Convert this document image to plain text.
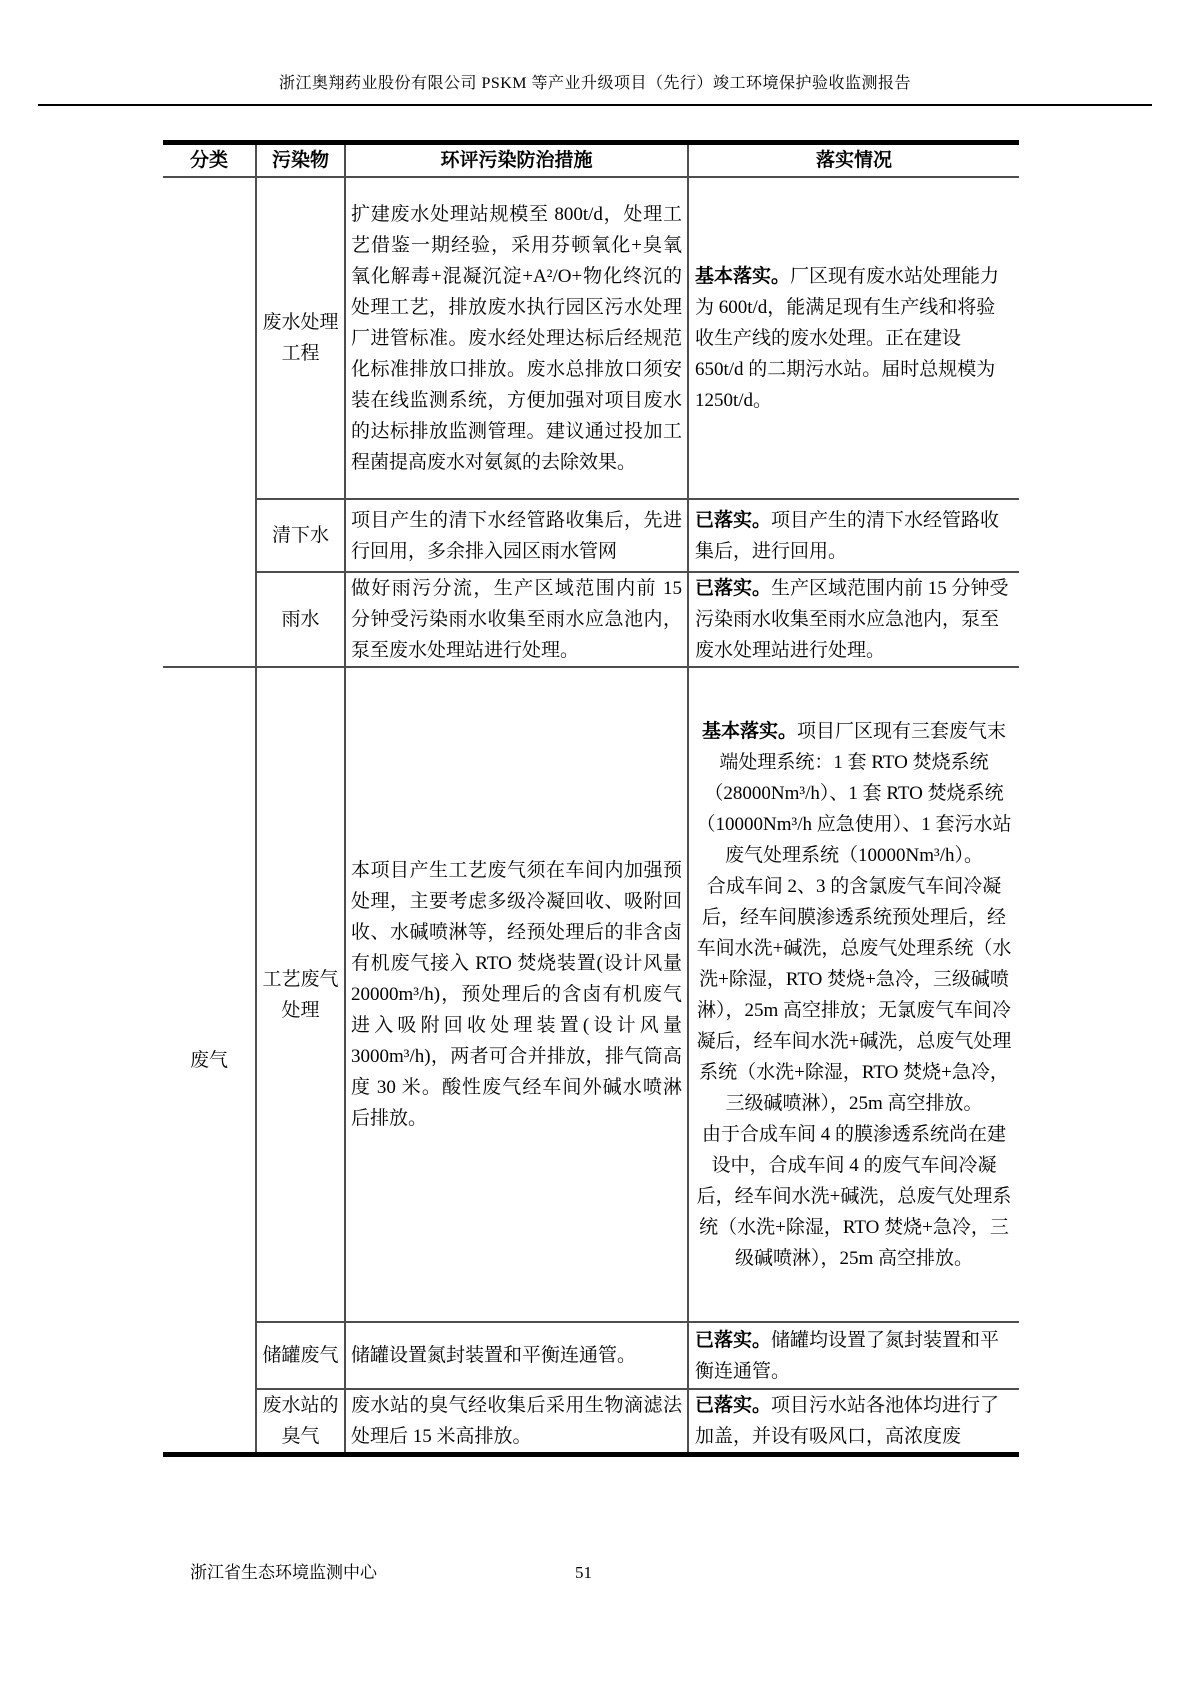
浙江奥翔药业股份有限公司 PSKM 等产业升级项目（先行）竣工环境保护验收监测报告
分类	污染物	环评污染防治措施	落实情况
	废水处理工程	扩建废水处理站规模至 800t/d，处理工艺借鉴一期经验，采用芬顿氧化+臭氧氧化解毒+混凝沉淀+A²/O+物化终沉的处理工艺，排放废水执行园区污水处理厂进管标准。废水经处理达标后经规范化标准排放口排放。废水总排放口须安装在线监测系统，方便加强对项目废水的达标排放监测管理。建议通过投加工程菌提高废水对氨氮的去除效果。	基本落实。厂区现有废水站处理能力为 600t/d，能满足现有生产线和将验收生产线的废水处理。正在建设 650t/d 的二期污水站。届时总规模为 1250t/d。
	清下水	项目产生的清下水经管路收集后，先进行回用，多余排入园区雨水管网	已落实。项目产生的清下水经管路收集后，进行回用。
	雨水	做好雨污分流，生产区域范围内前 15 分钟受污染雨水收集至雨水应急池内，泵至废水处理站进行处理。	已落实。生产区域范围内前 15 分钟受污染雨水收集至雨水应急池内，泵至废水处理站进行处理。
废气	工艺废气处理	本项目产生工艺废气须在车间内加强预处理，主要考虑多级冷凝回收、吸附回收、水碱喷淋等，经预处理后的非含卤有机废气接入 RTO 焚烧装置(设计风量 20000m³/h)，预处理后的含卤有机废气进入吸附回收处理装置(设计风量 3000m³/h)，两者可合并排放，排气筒高度 30 米。酸性废气经车间外碱水喷淋后排放。	基本落实。项目厂区现有三套废气末端处理系统：1 套 RTO 焚烧系统（28000Nm³/h）、1 套 RTO 焚烧系统（10000Nm³/h 应急使用）、1 套污水站废气处理系统（10000Nm³/h）。
合成车间 2、3 的含氯废气车间冷凝后，经车间膜渗透系统预处理后，经车间水洗+碱洗，总废气处理系统（水洗+除湿，RTO 焚烧+急冷，三级碱喷淋），25m 高空排放；无氯废气车间冷凝后，经车间水洗+碱洗，总废气处理系统（水洗+除湿，RTO 焚烧+急冷，三级碱喷淋），25m 高空排放。
由于合成车间 4 的膜渗透系统尚在建设中，合成车间 4 的废气车间冷凝后，经车间水洗+碱洗，总废气处理系统（水洗+除湿，RTO 焚烧+急冷，三级碱喷淋），25m 高空排放。

	储罐废气	储罐设置氮封装置和平衡连通管。	已落实。储罐均设置了氮封装置和平衡连通管。
	废水站的臭气	废水站的臭气经收集后采用生物滴滤法处理后 15 米高排放。	已落实。项目污水站各池体均进行了加盖，并设有吸风口，高浓度废
浙江省生态环境监测中心	51
